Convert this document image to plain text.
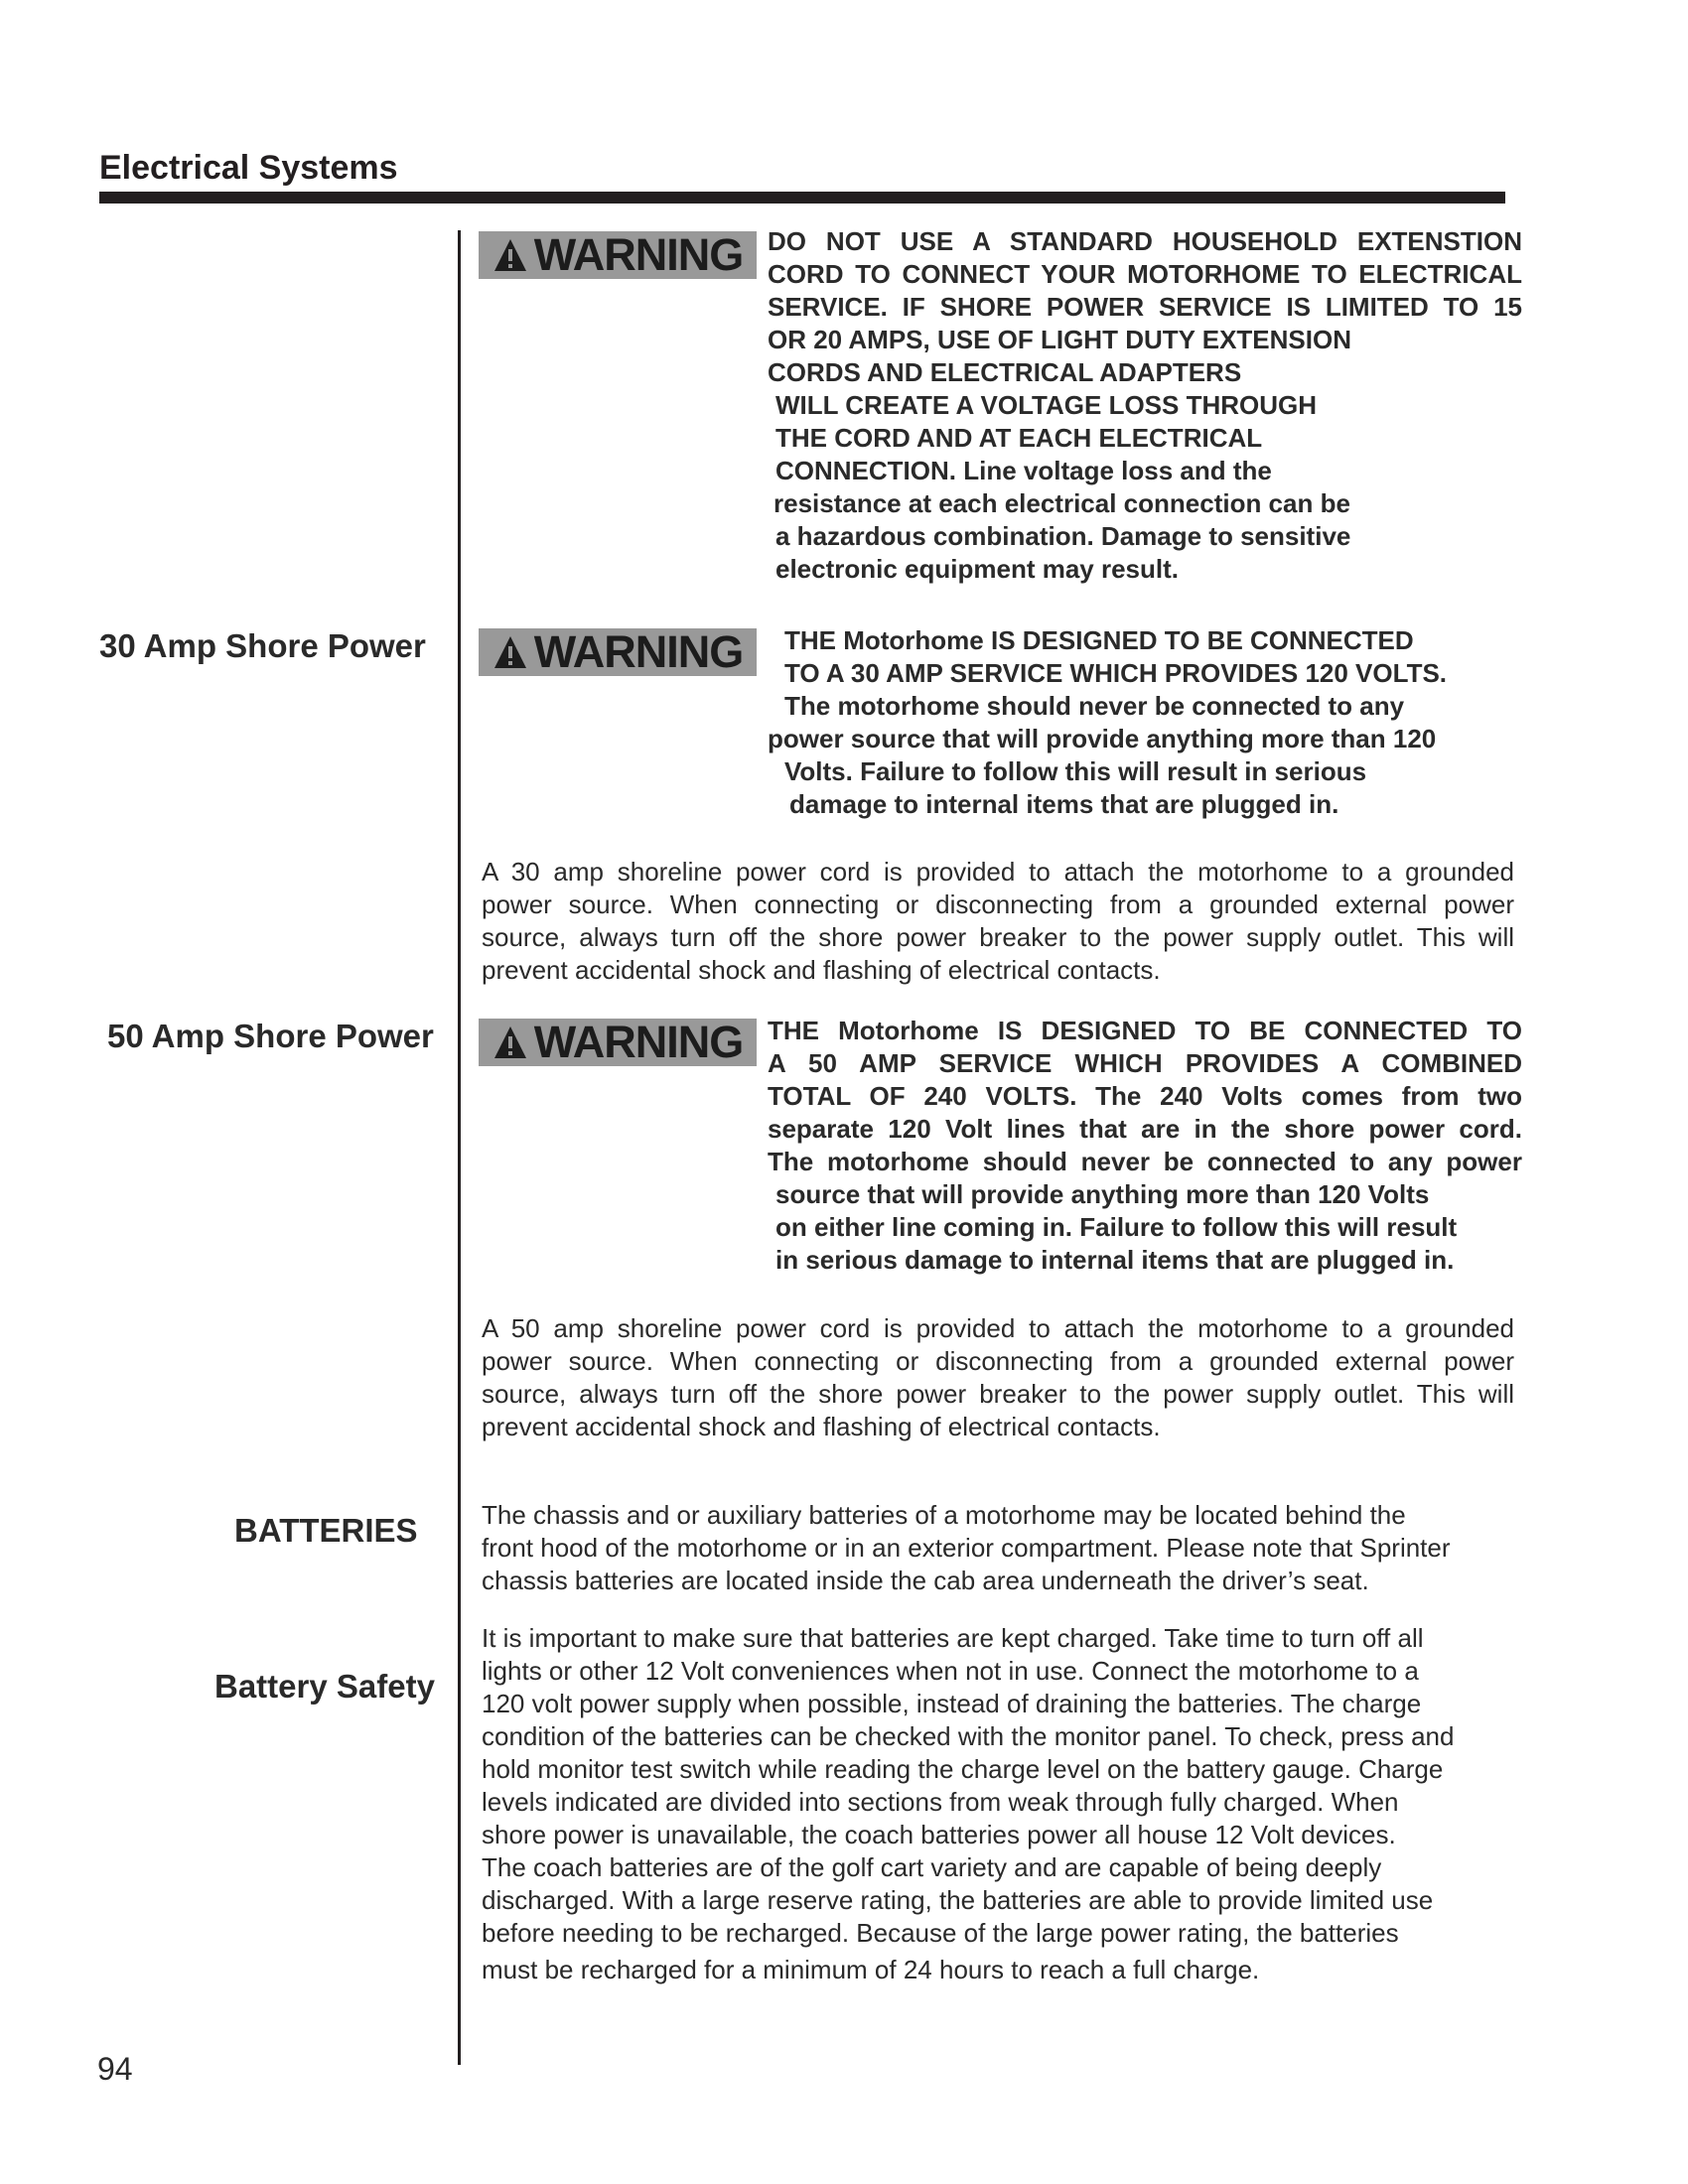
Electrical Systems
30 Amp Shore Power
50 Amp Shore Power
BATTERIES
Battery Safety
WARNING DO NOT USE A STANDARD HOUSEHOLD EXTENSTION
CORD TO CONNECT YOUR MOTORHOME TO ELECTRICAL
SERVICE. IF SHORE POWER SERVICE IS LIMITED TO 15
OR 20 AMPS, USE OF LIGHT DUTY EXTENSION
CORDS AND ELECTRICAL ADAPTERS
WILL CREATE A VOLTAGE LOSS THROUGH
THE CORD AND AT EACH ELECTRICAL
CONNECTION. Line voltage loss and the
resistance at each electrical connection can be
a hazardous combination. Damage to sensitive
electronic equipment may result.
WARNING	THE Motorhome IS DESIGNED TO BE CONNECTED
TO A 30 AMP SERVICE WHICH PROVIDES 120 VOLTS.
The motorhome should never be connected to any
power source that will provide anything more than 120
Volts. Failure to follow this will result in serious
damage to internal items that are plugged in.
A 30 amp shoreline power cord is provided to attach the motorhome to a grounded
power source. When connecting or disconnecting from a grounded external power
source, always turn off the shore power breaker to the power supply outlet. This will
prevent accidental shock and flashing of electrical contacts.
WARNING THE Motorhome IS DESIGNED TO BE CONNECTED TO
A 50 AMP SERVICE WHICH PROVIDES A COMBINED
TOTAL OF 240 VOLTS. The 240 Volts comes from two
separate 120 Volt lines that are in the shore power cord.
The motorhome should never be connected to any power
source that will provide anything more than 120 Volts
on either line coming in. Failure to follow this will result
in serious damage to internal items that are plugged in.
A 50 amp shoreline power cord is provided to attach the motorhome to a grounded
power source. When connecting or disconnecting from a grounded external power
source, always turn off the shore power breaker to the power supply outlet. This will
prevent accidental shock and flashing of electrical contacts.
The chassis and or auxiliary batteries of a motorhome may be located behind the
front hood of the motorhome or in an exterior compartment. Please note that Sprinter
chassis batteries are located inside the cab area underneath the driver’s seat.
It is important to make sure that batteries are kept charged. Take time to turn off all
lights or other 12 Volt conveniences when not in use. Connect the motorhome to a
120 volt power supply when possible, instead of draining the batteries. The charge
condition of the batteries can be checked with the monitor panel. To check, press and
hold monitor test switch while reading the charge level on the battery gauge. Charge
levels indicated are divided into sections from weak through fully charged. When
shore power is unavailable, the coach batteries power all house 12 Volt devices.
The coach batteries are of the golf cart variety and are capable of being deeply
discharged. With a large reserve rating, the batteries are able to provide limited use
before needing to be recharged. Because of the large power rating, the batteries
must be recharged for a minimum of 24 hours to reach a full charge.
94
